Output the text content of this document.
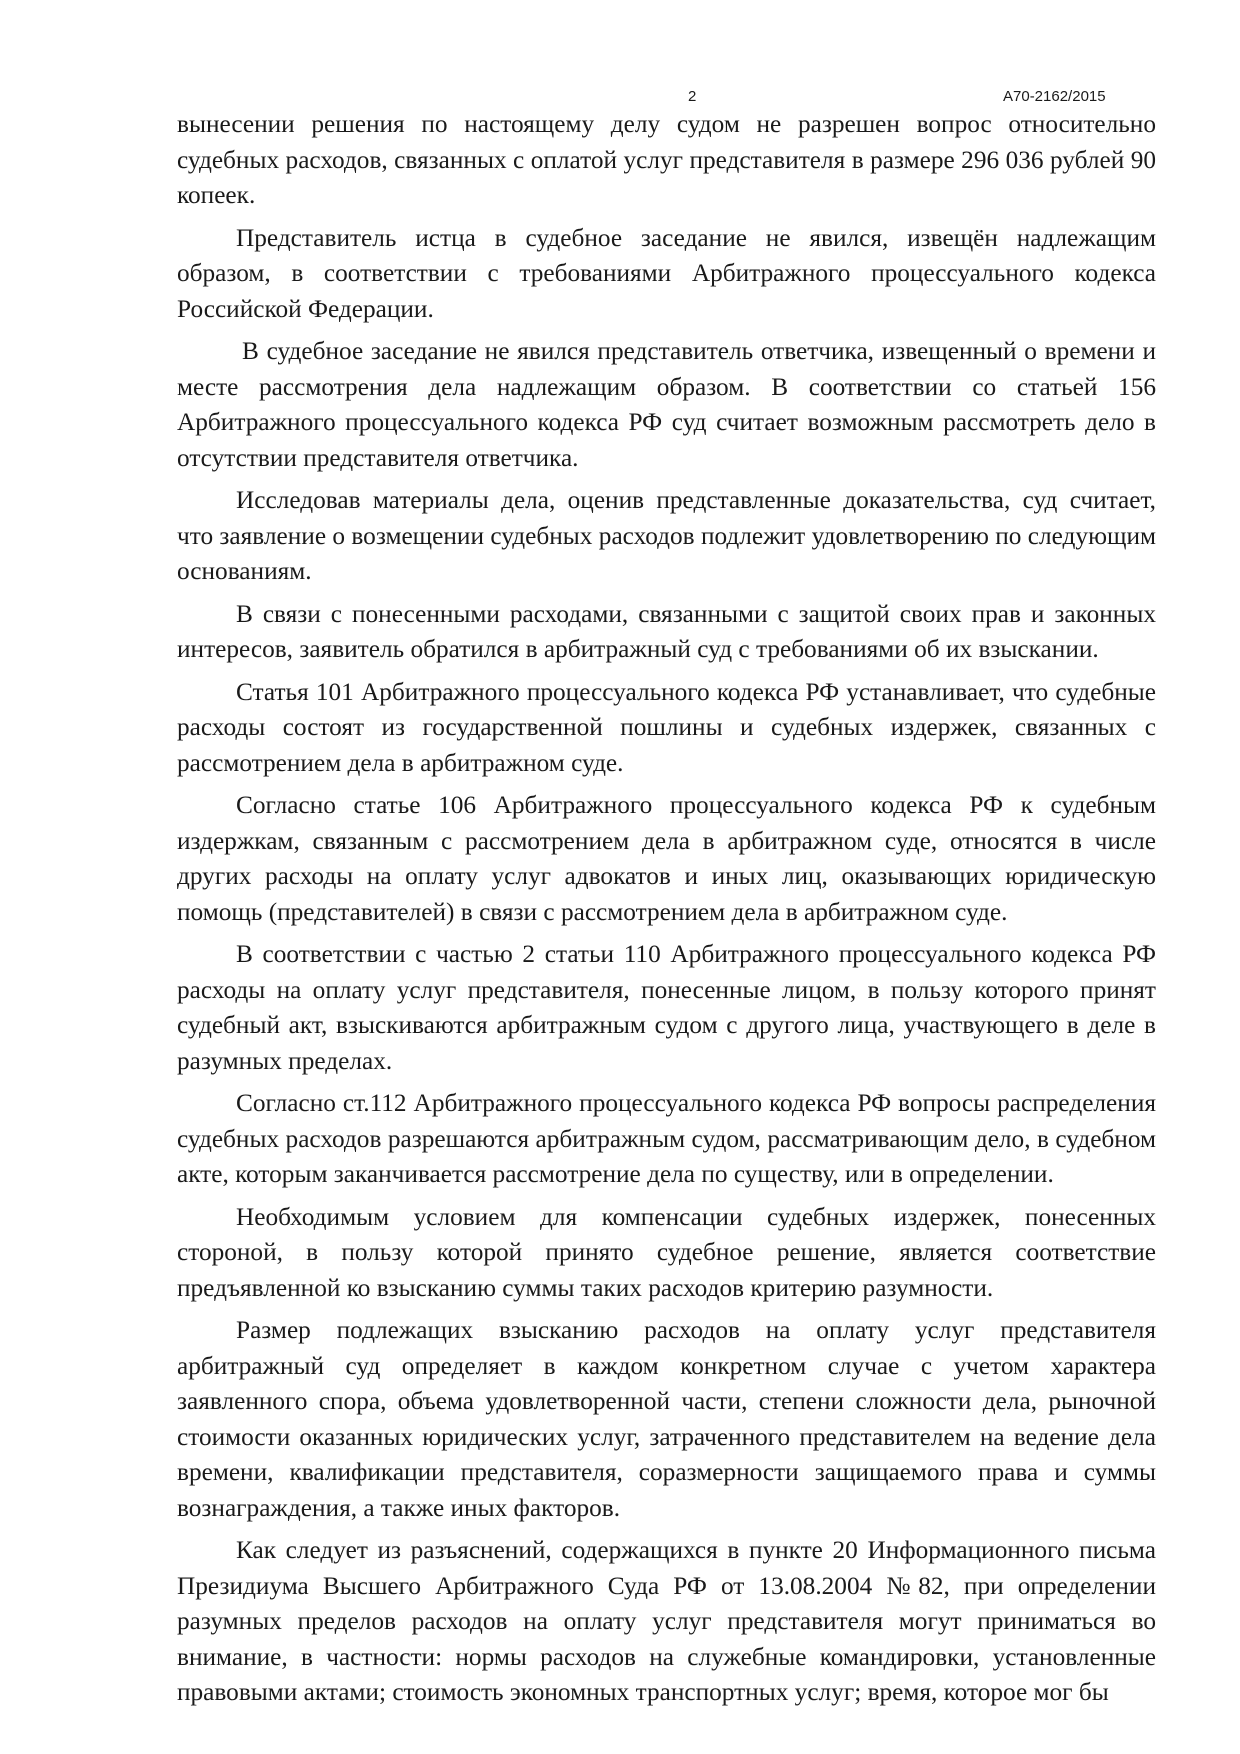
2	А70-2162/2015

вынесении решения по настоящему делу судом не разрешен вопрос относительно судебных расходов, связанных с оплатой услуг представителя в размере 296 036 рублей 90 копеек.

Представитель истца в судебное заседание не явился, извещён надлежащим образом, в соответствии с требованиями Арбитражного процессуального кодекса Российской Федерации.

В судебное заседание не явился представитель ответчика, извещенный о времени и месте рассмотрения дела надлежащим образом. В соответствии со статьей 156 Арбитражного процессуального кодекса РФ суд считает возможным рассмотреть дело в отсутствии представителя ответчика.

Исследовав материалы дела, оценив представленные доказательства, суд считает, что заявление о возмещении судебных расходов подлежит удовлетворению по следующим основаниям.

В связи с понесенными расходами, связанными с защитой своих прав и законных интересов, заявитель обратился в арбитражный суд с требованиями об их взыскании.

Статья 101 Арбитражного процессуального кодекса РФ устанавливает, что судебные расходы состоят из государственной пошлины и судебных издержек, связанных с рассмотрением дела в арбитражном суде.

Согласно статье 106 Арбитражного процессуального кодекса РФ к судебным издержкам, связанным с рассмотрением дела в арбитражном суде, относятся в числе других расходы на оплату услуг адвокатов и иных лиц, оказывающих юридическую помощь (представителей) в связи с рассмотрением дела в арбитражном суде.

В соответствии с частью 2 статьи 110 Арбитражного процессуального кодекса РФ расходы на оплату услуг представителя, понесенные лицом, в пользу которого принят судебный акт, взыскиваются арбитражным судом с другого лица, участвующего в деле в разумных пределах.

Согласно ст.112 Арбитражного процессуального кодекса РФ вопросы распределения судебных расходов разрешаются арбитражным судом, рассматривающим дело, в судебном акте, которым заканчивается рассмотрение дела по существу, или в определении.

Необходимым условием для компенсации судебных издержек, понесенных стороной, в пользу которой принято судебное решение, является соответствие предъявленной ко взысканию суммы таких расходов критерию разумности.

Размер подлежащих взысканию расходов на оплату услуг представителя арбитражный суд определяет в каждом конкретном случае с учетом характера заявленного спора, объема удовлетворенной части, степени сложности дела, рыночной стоимости оказанных юридических услуг, затраченного представителем на ведение дела времени, квалификации представителя, соразмерности защищаемого права и суммы вознаграждения, а также иных факторов.

Как следует из разъяснений, содержащихся в пункте 20 Информационного письма Президиума Высшего Арбитражного Суда РФ от 13.08.2004 №82, при определении разумных пределов расходов на оплату услуг представителя могут приниматься во внимание, в частности: нормы расходов на служебные командировки, установленные правовыми актами; стоимость экономных транспортных услуг; время, которое мог бы
